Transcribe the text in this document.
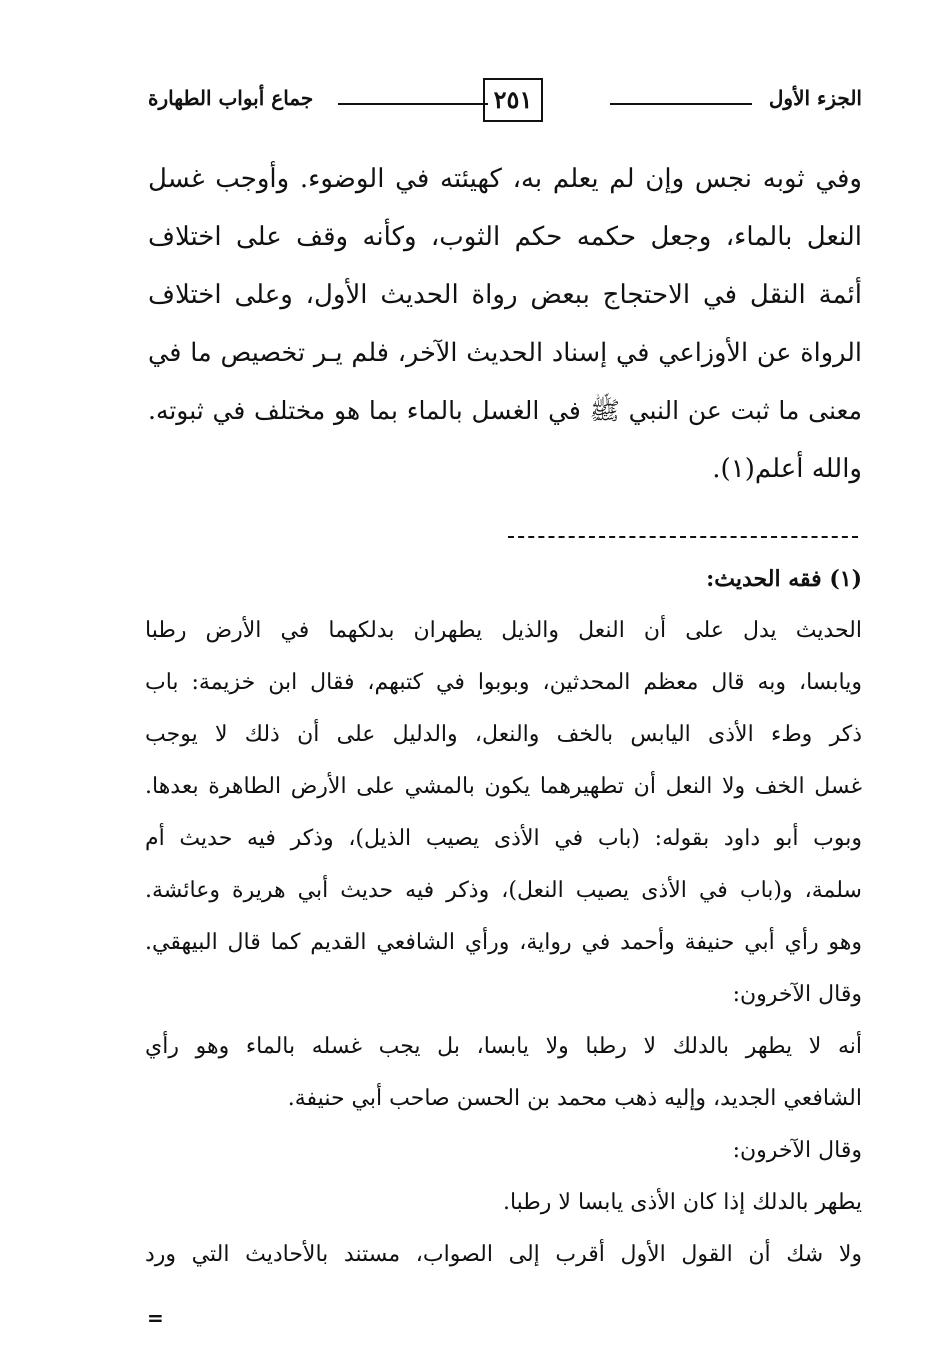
الجزء الأول
٢٥١
جماع أبواب الطهارة
وفي ثوبه نجس وإن لم يعلم به، كهيئته في الوضوء. وأوجب غسل
النعل بالماء، وجعل حكمه حكم الثوب، وكأنه وقف على اختلاف
أئمة النقل في الاحتجاج ببعض رواة الحديث الأول، وعلى اختلاف
الرواة عن الأوزاعي في إسناد الحديث الآخر، فلم يـر تخصيص ما في
معنى ما ثبت عن النبي ﷺ في الغسل بالماء بما هو مختلف في ثبوته.
والله أعلم(١).
(١) فقه الحديث:
الحديث يدل على أن النعل والذيل يطهران بدلكهما في الأرض رطبا
ويابسا، وبه قال معظم المحدثين، وبوبوا في كتبهم، فقال ابن خزيمة: باب
ذكر وطء الأذى اليابس بالخف والنعل، والدليل على أن ذلك لا يوجب
غسل الخف ولا النعل أن تطهيرهما يكون بالمشي على الأرض الطاهرة بعدها.
وبوب أبو داود بقوله: (باب في الأذى يصيب الذيل)، وذكر فيه حديث أم
سلمة، و(باب في الأذى يصيب النعل)، وذكر فيه حديث أبي هريرة وعائشة.
وهو رأي أبي حنيفة وأحمد في رواية، ورأي الشافعي القديم كما قال البيهقي.
وقال الآخرون:
أنه لا يطهر بالدلك لا رطبا ولا يابسا، بل يجب غسله بالماء وهو رأي
الشافعي الجديد، وإليه ذهب محمد بن الحسن صاحب أبي حنيفة.
وقال الآخرون:
يطهر بالدلك إذا كان الأذى يابسا لا رطبا.
ولا شك أن القول الأول أقرب إلى الصواب، مستند بالأحاديث التي ورد
=
